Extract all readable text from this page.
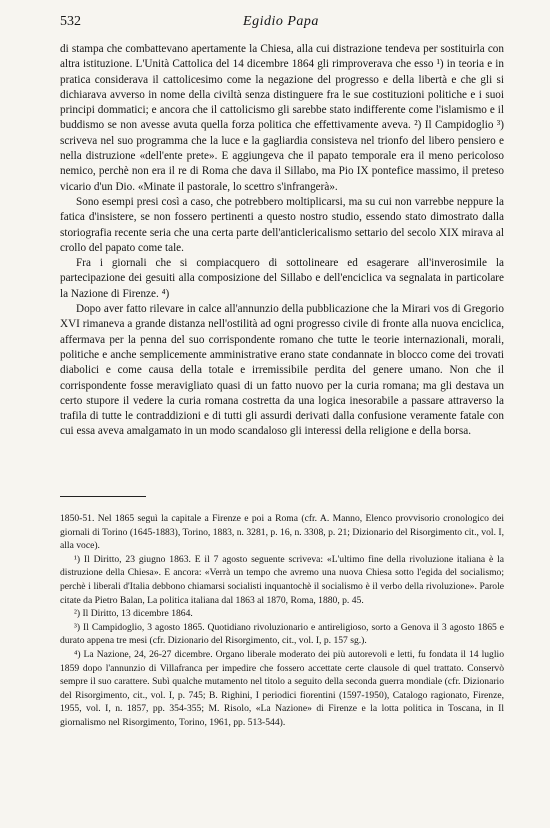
532	Egidio Papa

di stampa che combattevano apertamente la Chiesa, alla cui distrazione tendeva per sostituirla con altra istituzione. L'Unità Cattolica del 14 dicembre 1864 gli rimproverava che esso ¹) in teoria e in pratica considerava il cattolicesimo come la negazione del progresso e della libertà e che gli si dichiarava avverso in nome della civiltà senza distinguere fra le sue costituzioni politiche e i suoi principi dommatici; e ancora che il cattolicismo gli sarebbe stato indifferente come l'islamismo e il buddismo se non avesse avuta quella forza politica che effettivamente aveva. ²) Il Campidoglio ³) scriveva nel suo programma che la luce e la gagliardia consisteva nel trionfo del libero pensiero e nella distruzione «dell'ente prete». E aggiungeva che il papato temporale era il meno pericoloso nemico, perchè non era il re di Roma che dava il Sillabo, ma Pio IX pontefice massimo, il preteso vicario d'un Dio. «Minate il pastorale, lo scettro s'infrangerà».

Sono esempi presi così a caso, che potrebbero moltiplicarsi, ma su cui non varrebbe neppure la fatica d'insistere, se non fossero pertinenti a questo nostro studio, essendo stato dimostrato dalla storiografia recente seria che una certa parte dell'anticlericalismo settario del secolo XIX mirava al crollo del papato come tale.

Fra i giornali che si compiacquero di sottolineare ed esagerare all'inverosimile la partecipazione dei gesuiti alla composizione del Sillabo e dell'enciclica va segnalata in particolare la Nazione di Firenze. ⁴)

Dopo aver fatto rilevare in calce all'annunzio della pubblicazione che la Mirari vos di Gregorio XVI rimaneva a grande distanza nell'ostilità ad ogni progresso civile di fronte alla nuova enciclica, affermava per la penna del suo corrispondente romano che tutte le teorie internazionali, morali, politiche e anche semplicemente amministrative erano state condannate in blocco come dei trovati diabolici e come causa della totale e irremissibile perdita del genere umano. Non che il corrispondente fosse meravigliato quasi di un fatto nuovo per la curia romana; ma gli destava un certo stupore il vedere la curia romana costretta da una logica inesorabile a passare attraverso la trafila di tutte le contraddizioni e di tutti gli assurdi derivati dalla confusione veramente fatale con cui essa aveva amalgamato in un modo scandaloso gli interessi della religione e della borsa.

1850-51. Nel 1865 seguì la capitale a Firenze e poi a Roma (cfr. A. Manno, Elenco provvisorio cronologico dei giornali di Torino (1645-1883), Torino, 1883, n. 3281, p. 16, n. 3308, p. 21; Dizionario del Risorgimento cit., vol. I, alla voce).

¹) Il Diritto, 23 giugno 1863. E il 7 agosto seguente scriveva: «L'ultimo fine della rivoluzione italiana è la distruzione della Chiesa». E ancora: «Verrà un tempo che avremo una nuova Chiesa sotto l'egida del socialismo; perchè i liberali d'Italia debbono chiamarsi socialisti inquantochè il socialismo è il verbo della rivoluzione». Parole citate da Pietro Balan, La politica italiana dal 1863 al 1870, Roma, 1880, p. 45.

²) Il Diritto, 13 dicembre 1864.

³) Il Campidoglio, 3 agosto 1865. Quotidiano rivoluzionario e antireligioso, sorto a Genova il 3 agosto 1865 e durato appena tre mesi (cfr. Dizionario del Risorgimento, cit., vol. I, p. 157 sg.).

⁴) La Nazione, 24, 26-27 dicembre. Organo liberale moderato dei più autorevoli e letti, fu fondata il 14 luglio 1859 dopo l'annunzio di Villafranca per impedire che fossero accettate certe clausole di quel trattato. Conservò sempre il suo carattere. Subì qualche mutamento nel titolo a seguito della seconda guerra mondiale (cfr. Dizionario del Risorgimento, cit., vol. I, p. 745; B. Righini, I periodici fiorentini (1597-1950), Catalogo ragionato, Firenze, 1955, vol. I, n. 1857, pp. 354-355; M. Risolo, «La Nazione» di Firenze e la lotta politica in Toscana, in Il giornalismo nel Risorgimento, Torino, 1961, pp. 513-544).
